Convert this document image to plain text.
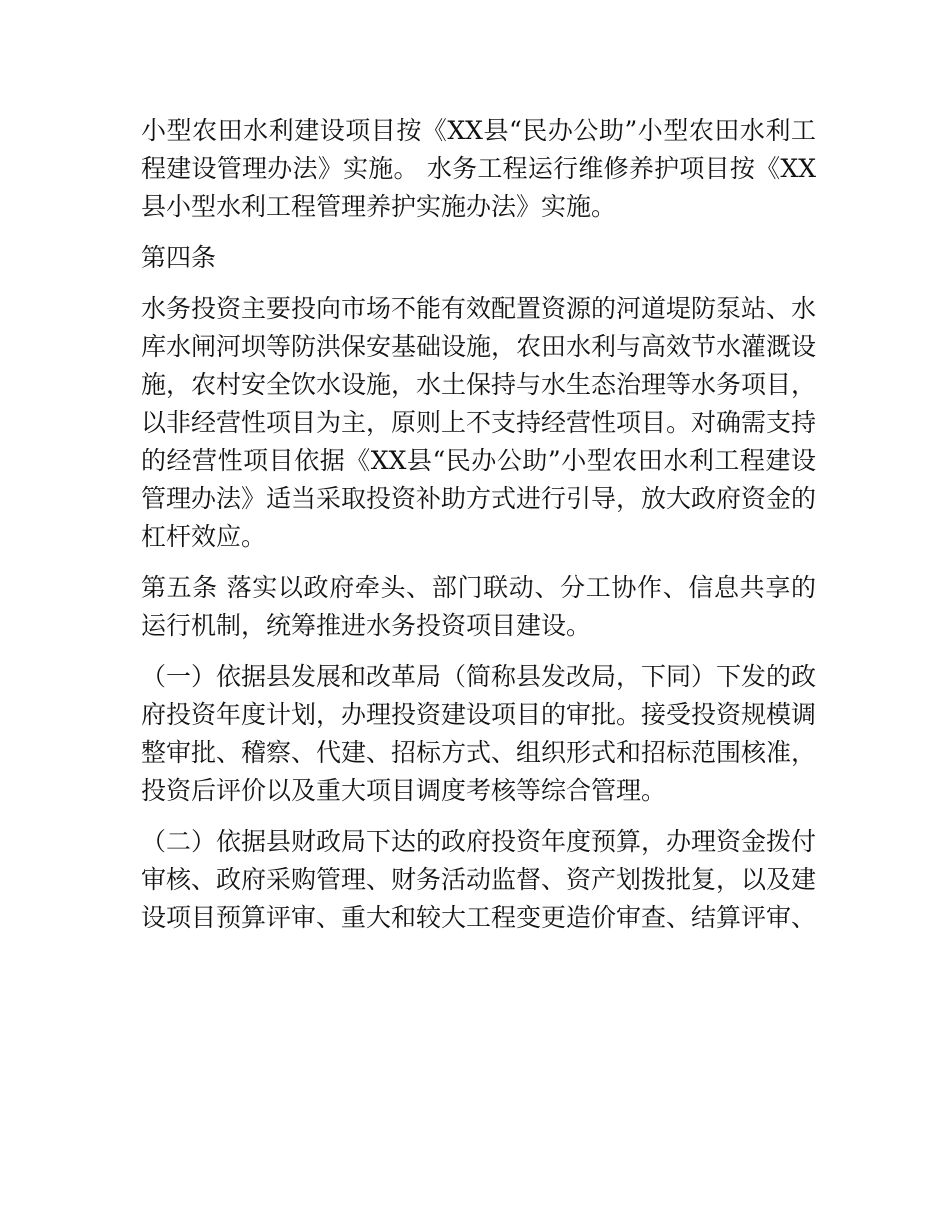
小型农田水利建设项目按《XX县“民办公助”小型农田水利工程建设管理办法》实施。 水务工程运行维修养护项目按《XX县小型水利工程管理养护实施办法》实施。

第四条

水务投资主要投向市场不能有效配置资源的河道堤防泵站、水库水闸河坝等防洪保安基础设施，农田水利与高效节水灌溉设施，农村安全饮水设施，水土保持与水生态治理等水务项目，以非经营性项目为主，原则上不支持经营性项目。对确需支持的经营性项目依据《XX县“民办公助”小型农田水利工程建设管理办法》适当采取投资补助方式进行引导，放大政府资金的杠杆效应。

第五条 落实以政府牵头、部门联动、分工协作、信息共享的运行机制，统筹推进水务投资项目建设。

（一）依据县发展和改革局（简称县发改局，下同）下发的政府投资年度计划，办理投资建设项目的审批。接受投资规模调整审批、稽察、代建、招标方式、组织形式和招标范围核准，投资后评价以及重大项目调度考核等综合管理。

（二）依据县财政局下达的政府投资年度预算，办理资金拨付审核、政府采购管理、财务活动监督、资产划拨批复，以及建设项目预算评审、重大和较大工程变更造价审查、结算评审、
